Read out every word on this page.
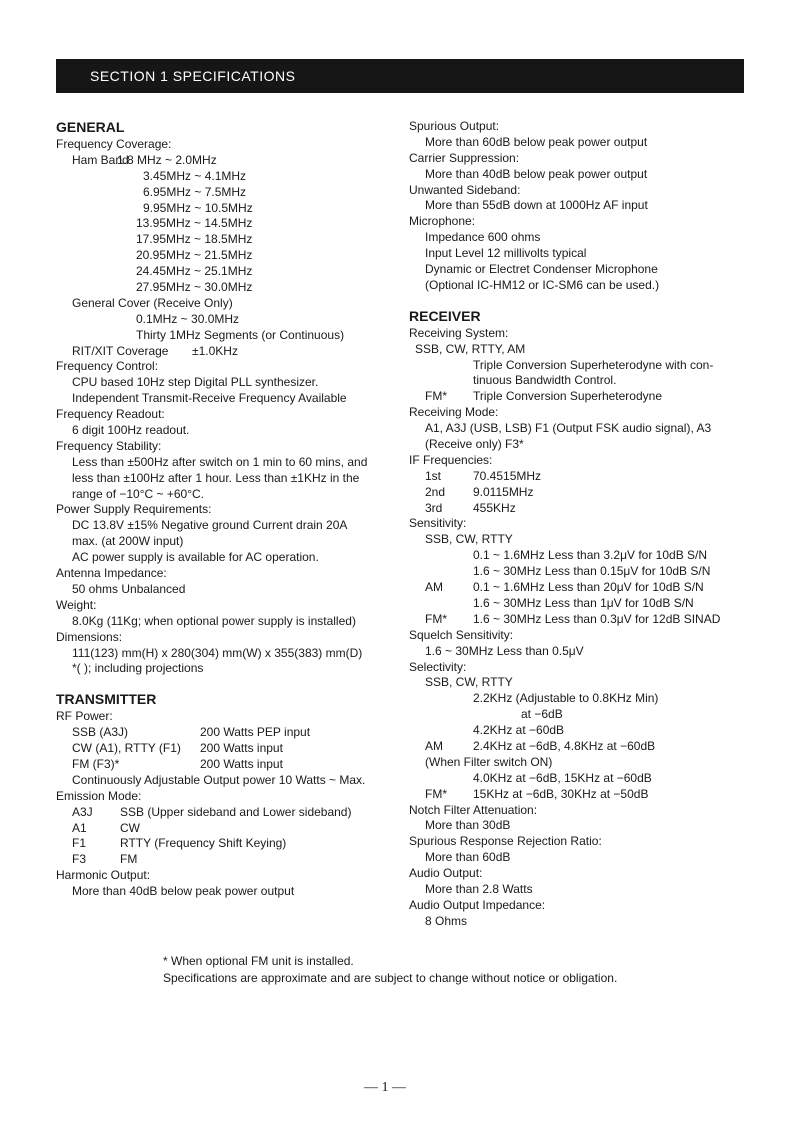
SECTION 1 SPECIFICATIONS
GENERAL
Frequency Coverage:
Ham Band
1.8 MHz ~ 2.0MHz
3.45MHz ~ 4.1MHz
6.95MHz ~ 7.5MHz
9.95MHz ~ 10.5MHz
13.95MHz ~ 14.5MHz
17.95MHz ~ 18.5MHz
20.95MHz ~ 21.5MHz
24.45MHz ~ 25.1MHz
27.95MHz ~ 30.0MHz
General Cover (Receive Only)
0.1MHz ~ 30.0MHz
Thirty 1MHz Segments (or Continuous)
RIT/XIT Coverage ±1.0KHz
Frequency Control:
CPU based 10Hz step Digital PLL synthesizer.
Independent Transmit-Receive Frequency Available
Frequency Readout:
6 digit 100Hz readout.
Frequency Stability:
Less than ±500Hz after switch on 1 min to 60 mins, and
less than ±100Hz after 1 hour. Less than ±1KHz in the
range of −10°C ~ +60°C.
Power Supply Requirements:
DC 13.8V ±15% Negative ground Current drain 20A
max. (at 200W input)
AC power supply is available for AC operation.
Antenna Impedance:
50 ohms Unbalanced
Weight:
8.0Kg (11Kg; when optional power supply is installed)
Dimensions:
111(123) mm(H) x 280(304) mm(W) x 355(383) mm(D)
*( ); including projections
TRANSMITTER
RF Power:
SSB (A3J)	200 Watts PEP input
CW (A1), RTTY (F1) 200 Watts input
FM (F3)*	200 Watts input
Continuously Adjustable Output power 10 Watts ~ Max.
Emission Mode:
A3J SSB (Upper sideband and Lower sideband)
A1	CW
F1	RTTY (Frequency Shift Keying)
F3	FM
Harmonic Output:
More than 40dB below peak power output
Spurious Output:
More than 60dB below peak power output
Carrier Suppression:
More than 40dB below peak power output
Unwanted Sideband:
More than 55dB down at 1000Hz AF input
Microphone:
Impedance 600 ohms
Input Level 12 millivolts typical
Dynamic or Electret Condenser Microphone
(Optional IC-HM12 or IC-SM6 can be used.)
RECEIVER
Receiving System:
SSB, CW, RTTY, AM
Triple Conversion Superheterodyne with con-
tinuous Bandwidth Control.
FM* Triple Conversion Superheterodyne
Receiving Mode:
A1, A3J (USB, LSB) F1 (Output FSK audio signal), A3
(Receive only) F3*
IF Frequencies:
1st	70.4515MHz
2nd 9.0115MHz
3rd	455KHz
Sensitivity:
SSB, CW, RTTY
0.1 ~ 1.6MHz Less than 3.2μV for 10dB S/N
1.6 ~ 30MHz Less than 0.15μV for 10dB S/N
AM	0.1 ~ 1.6MHz Less than 20μV for 10dB S/N
1.6 ~ 30MHz Less than 1μV for 10dB S/N
FM* 1.6 ~ 30MHz Less than 0.3μV for 12dB SINAD
Squelch Sensitivity:
1.6 ~ 30MHz Less than 0.5μV
Selectivity:
SSB, CW, RTTY
2.2KHz (Adjustable to 0.8KHz Min)
at −6dB
4.2KHz at −60dB
AM	2.4KHz at −6dB, 4.8KHz at −60dB
(When Filter switch ON)
4.0KHz at −6dB, 15KHz at −60dB
FM* 15KHz at −6dB, 30KHz at −50dB
Notch Filter Attenuation:
More than 30dB
Spurious Response Rejection Ratio:
More than 60dB
Audio Output:
More than 2.8 Watts
Audio Output Impedance:
8 Ohms
* When optional FM unit is installed.
Specifications are approximate and are subject to change without notice or obligation.
— 1 —
